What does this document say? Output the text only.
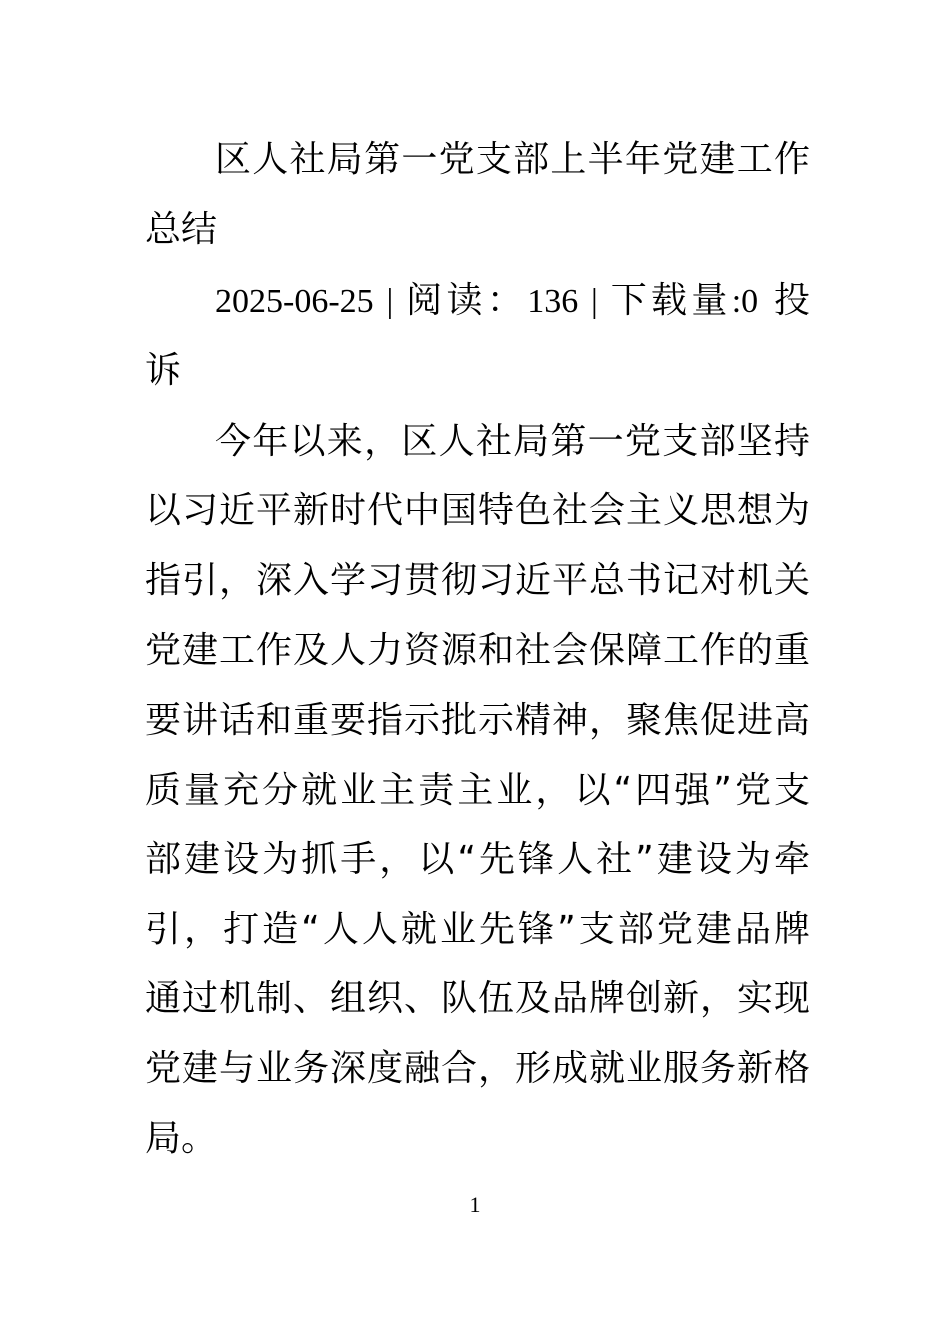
区人社局第一党支部上半年党建工作
总结
2025-06-25 | 阅读：136 | 下载量:0 投
诉
今年以来，区人社局第一党支部坚持
以习近平新时代中国特色社会主义思想为
指引，深入学习贯彻习近平总书记对机关
党建工作及人力资源和社会保障工作的重
要讲话和重要指示批示精神，聚焦促进高
质量充分就业主责主业，以“四强”党支
部建设为抓手，以“先锋人社”建设为牵
引，打造“人人就业先锋”支部党建品牌
通过机制、组织、队伍及品牌创新，实现
党建与业务深度融合，形成就业服务新格
局。
1
